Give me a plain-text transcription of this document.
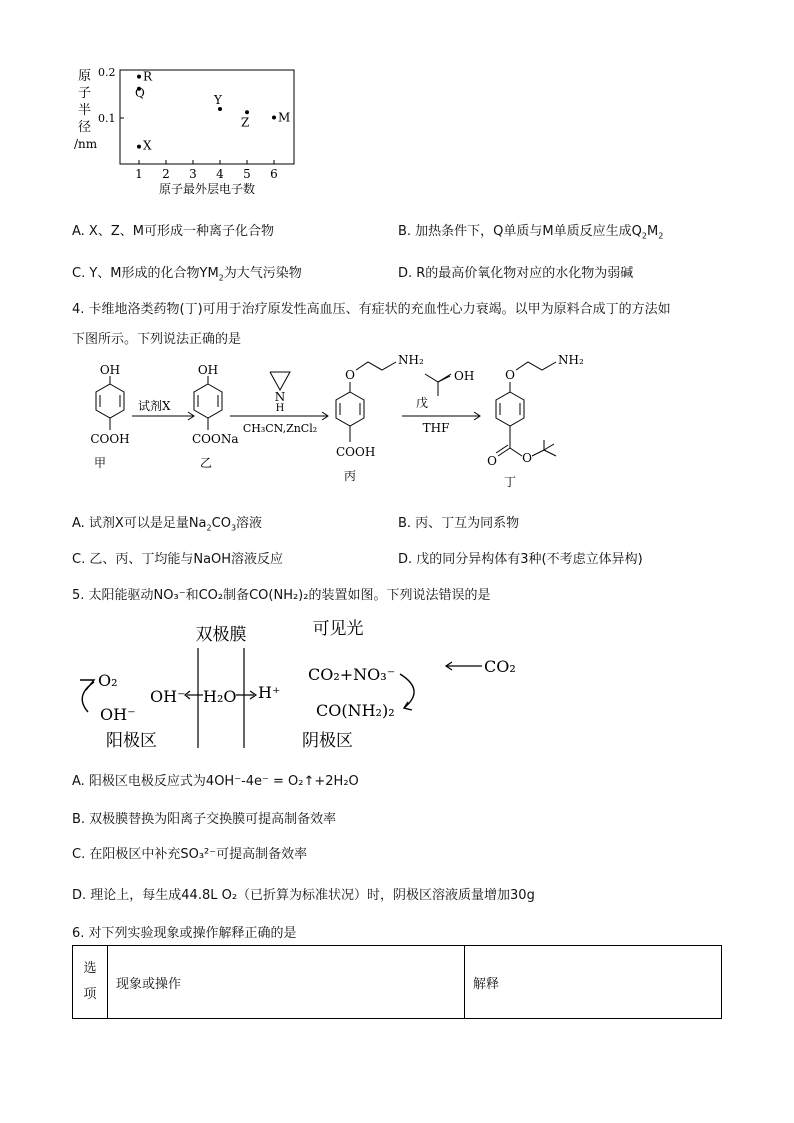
原
子
半
径
/nm
0.2
0.1
1 2 3 4 5 6
原子最外层电子数
R
Q
X
Y
Z M
A. X、Z、M可形成一种离子化合物	B. 加热条件下，Q单质与M单质反应生成$Q_2M_2$
C. Y、M形成的化合物$YM_2$为大气污染物	D. R的最高价氧化物对应的水化物为弱碱
4. 卡维地洛类药物(丁)可用于治疗原发性高血压、有症状的充血性心力衰竭。以甲为原料合成丁的方法如
下图所示。下列说法正确的是
OH
COOH
甲
试剂X
OH
COONa
乙
N
H
CH₃CN,ZnCl₂
O
NH₂
COOH
丙
戊
OH
THF
O
NH₂
O O
丁
A. 试剂X可以是足量$Na_2CO_3$溶液	B. 丙、丁互为同系物
C. 乙、丙、丁均能与NaOH溶液反应	D. 戊的同分异构体有3种(不考虑立体异构)
5. 太阳能驱动NO₃⁻和CO₂制备CO(NH₂)₂的装置如图。下列说法错误的是
双极膜	可见光
O₂
OH⁻
OH⁻ H₂O H⁺
CO₂+NO₃⁻
CO(NH₂)₂
CO₂
阳极区	阴极区
A. 阳极区电极反应式为4OH⁻-4e⁻ = O₂↑+2H₂O
B. 双极膜替换为阳离子交换膜可提高制备效率
C. 在阳极区中补充SO₃²⁻可提高制备效率
D. 理论上，每生成44.8L O₂（已折算为标准状况）时，阴极区溶液质量增加30g
6. 对下列实验现象或操作解释正确的是
选项	现象或操作	解释
